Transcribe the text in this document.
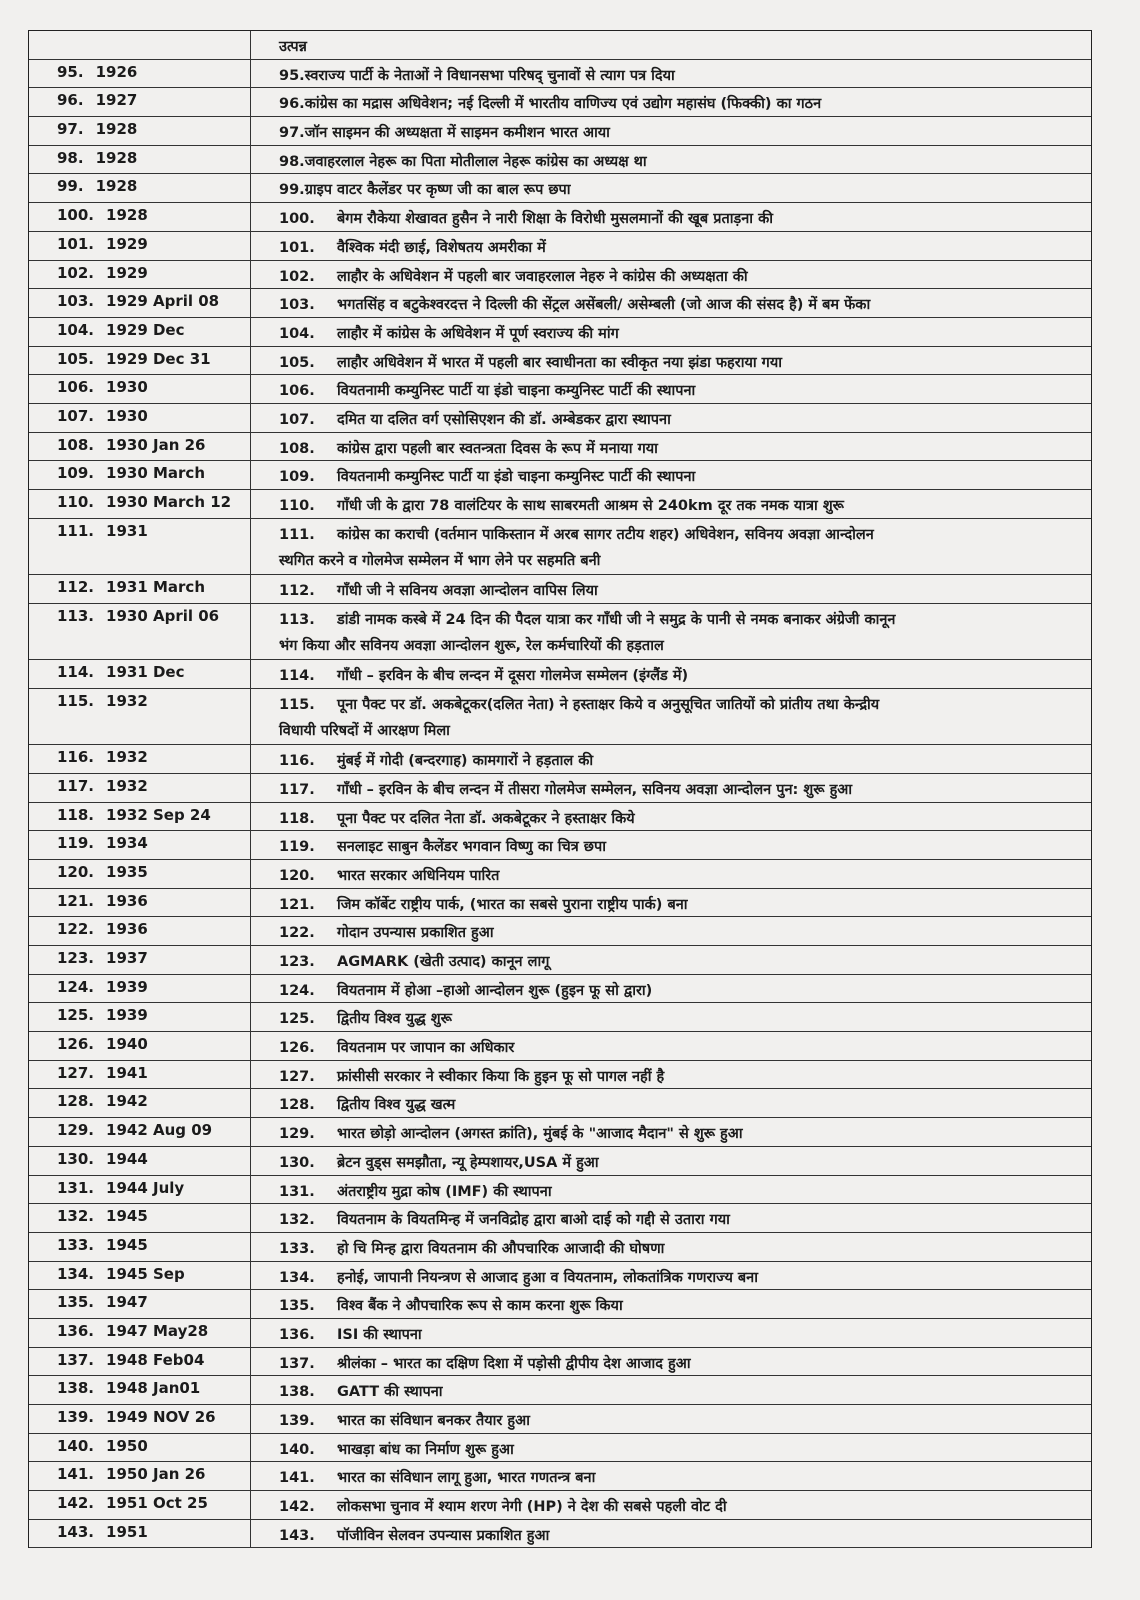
उत्पन्न
95. 1926	95.स्वराज्य पार्टी के नेताओं ने विधानसभा परिषद् चुनावों से त्याग पत्र दिया
96. 1927	96.कांग्रेस का मद्रास अधिवेशन; नई दिल्ली में भारतीय वाणिज्य एवं उद्योग महासंघ (फिक्की) का गठन
97. 1928	97.जॉन साइमन की अध्यक्षता में साइमन कमीशन भारत आया
98. 1928	98.जवाहरलाल नेहरू का पिता मोतीलाल नेहरू कांग्रेस का अध्यक्ष था
99. 1928	99.ग्राइप वाटर कैलेंडर पर कृष्ण जी का बाल रूप छपा
100. 1928	100. बेगम रौकेया शेखावत हुसैन ने नारी शिक्षा के विरोधी मुसलमानों की खूब प्रताड़ना की
101. 1929	101. वैश्विक मंदी छाई, विशेषतय अमरीका में
102. 1929	102. लाहौर के अधिवेशन में पहली बार जवाहरलाल नेहरु ने कांग्रेस की अध्यक्षता की
103. 1929 April 08	103. भगतसिंह व बटुकेश्वरदत्त ने दिल्ली की सेंट्रल असेंबली/ असेम्बली (जो आज की संसद है) में बम फेंका
104. 1929 Dec	104. लाहौर में कांग्रेस के अधिवेशन में पूर्ण स्वराज्य की मांग
105. 1929 Dec 31	105. लाहौर अधिवेशन में भारत में पहली बार स्वाधीनता का स्वीकृत नया झंडा फहराया गया
106. 1930	106. वियतनामी कम्युनिस्ट पार्टी या इंडो चाइना कम्युनिस्ट पार्टी की स्थापना
107. 1930	107. दमित या दलित वर्ग एसोसिएशन की डॉ. अम्बेडकर द्वारा स्थापना
108. 1930 Jan 26	108. कांग्रेस द्वारा पहली बार स्वतन्त्रता दिवस के रूप में मनाया गया
109. 1930 March	109. वियतनामी कम्युनिस्ट पार्टी या इंडो चाइना कम्युनिस्ट पार्टी की स्थापना
110. 1930 March 12	110. गाँधी जी के द्वारा 78 वालंटियर के साथ साबरमती आश्रम से 240km दूर तक नमक यात्रा शुरू
111. 1931	111. कांग्रेस का कराची (वर्तमान पाकिस्तान में अरब सागर तटीय शहर) अधिवेशन, सविनय अवज्ञा आन्दोलन
स्थगित करने व गोलमेज सम्मेलन में भाग लेने पर सहमति बनी
112. 1931 March	112. गाँधी जी ने सविनय अवज्ञा आन्दोलन वापिस लिया
113. 1930 April 06	113. डांडी नामक कस्बे में 24 दिन की पैदल यात्रा कर गाँधी जी ने समुद्र के पानी से नमक बनाकर अंग्रेजी कानून
भंग किया और सविनय अवज्ञा आन्दोलन शुरू, रेल कर्मचारियों की हड़ताल
114. 1931 Dec	114. गाँधी – इरविन के बीच लन्दन में दूसरा गोलमेज सम्मेलन (इंग्लैंड में)
115. 1932	115. पूना पैक्ट पर डॉ. अकबेटूकर(दलित नेता) ने हस्ताक्षर किये व अनुसूचित जातियों को प्रांतीय तथा केन्द्रीय
विधायी परिषदों में आरक्षण मिला
116. 1932	116. मुंबई में गोदी (बन्दरगाह) कामगारों ने हड़ताल की
117. 1932	117. गाँधी – इरविन के बीच लन्दन में तीसरा गोलमेज सम्मेलन, सविनय अवज्ञा आन्दोलन पुन: शुरू हुआ
118. 1932 Sep 24	118. पूना पैक्ट पर दलित नेता डॉ. अकबेटूकर ने हस्ताक्षर किये
119. 1934	119. सनलाइट साबुन कैलेंडर भगवान विष्णु का चित्र छपा
120. 1935	120. भारत सरकार अधिनियम पारित
121. 1936	121. जिम कॉर्बेट राष्ट्रीय पार्क, (भारत का सबसे पुराना राष्ट्रीय पार्क) बना
122. 1936	122. गोदान उपन्यास प्रकाशित हुआ
123. 1937	123. AGMARK (खेती उत्पाद) कानून लागू
124. 1939	124. वियतनाम में होआ –हाओ आन्दोलन शुरू (हुइन फू सो द्वारा)
125. 1939	125. द्वितीय विश्व युद्ध शुरू
126. 1940	126. वियतनाम पर जापान का अधिकार
127. 1941	127. फ्रांसीसी सरकार ने स्वीकार किया कि हुइन फू सो पागल नहीं है
128. 1942	128. द्वितीय विश्व युद्ध खत्म
129. 1942 Aug 09	129. भारत छोड़ो आन्दोलन (अगस्त क्रांति), मुंबई के "आजाद मैदान" से शुरू हुआ
130. 1944	130. ब्रेटन वुड्स समझौता, न्यू हेम्पशायर,USA में हुआ
131. 1944 July	131. अंतराष्ट्रीय मुद्रा कोष (IMF) की स्थापना
132. 1945	132. वियतनाम के वियतमिन्ह में जनविद्रोह द्वारा बाओ दाई को गद्दी से उतारा गया
133. 1945	133. हो चि मिन्ह द्वारा वियतनाम की औपचारिक आजादी की घोषणा
134. 1945 Sep	134. हनोई, जापानी नियन्त्रण से आजाद हुआ व वियतनाम, लोकतांत्रिक गणराज्य बना
135. 1947	135. विश्व बैंक ने औपचारिक रूप से काम करना शुरू किया
136. 1947 May28	136. ISI की स्थापना
137. 1948 Feb04	137. श्रीलंका – भारत का दक्षिण दिशा में पड़ोसी द्वीपीय देश आजाद हुआ
138. 1948 Jan01	138. GATT की स्थापना
139. 1949 NOV 26	139. भारत का संविधान बनकर तैयार हुआ
140. 1950	140. भाखड़ा बांध का निर्माण शुरू हुआ
141. 1950 Jan 26	141. भारत का संविधान लागू हुआ, भारत गणतन्त्र बना
142. 1951 Oct 25	142. लोकसभा चुनाव में श्याम शरण नेगी (HP) ने देश की सबसे पहली वोट दी
143. 1951	143. पॉजीविन सेलवन उपन्यास प्रकाशित हुआ
